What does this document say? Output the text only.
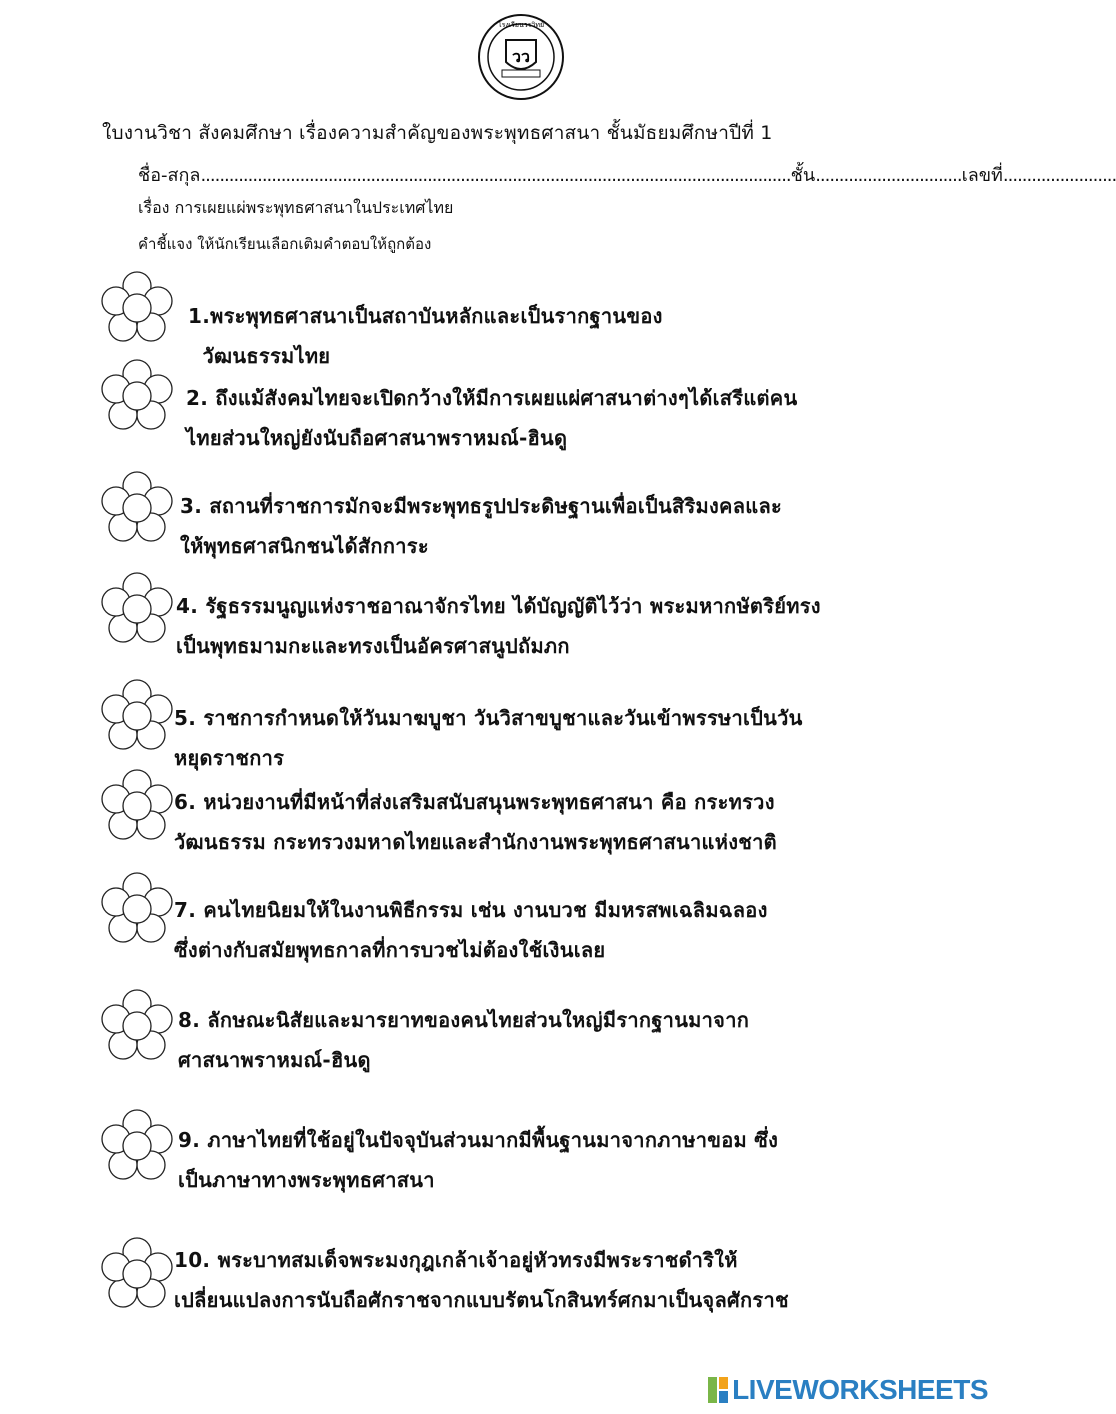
วว
โรงเรียนวรวิทย์
ใบงานวิชา สังคมศึกษา เรื่องความสำคัญของพระพุทธศาสนา ชั้นมัธยมศึกษาปีที่ 1
ชื่อ-สกุล.............................................................................................................................ชั้น...............................เลขที่........................
เรื่อง การเผยแผ่พระพุทธศาสนาในประเทศไทย
คำชี้แจง ให้นักเรียนเลือกเติมคำตอบให้ถูกต้อง
1.พระพุทธศาสนาเป็นสถาบันหลักและเป็นรากฐานของ
วัฒนธรรมไทย
2. ถึงแม้สังคมไทยจะเปิดกว้างให้มีการเผยแผ่ศาสนาต่างๆได้เสรีแต่คน
ไทยส่วนใหญ่ยังนับถือศาสนาพราหมณ์-ฮินดู
3. สถานที่ราชการมักจะมีพระพุทธรูปประดิษฐานเพื่อเป็นสิริมงคลและ
ให้พุทธศาสนิกชนได้สักการะ
4. รัฐธรรมนูญแห่งราชอาณาจักรไทย ได้บัญญัติไว้ว่า พระมหากษัตริย์ทรง
เป็นพุทธมามกะและทรงเป็นอัครศาสนูปถัมภก
5. ราชการกำหนดให้วันมาฆบูชา วันวิสาขบูชาและวันเข้าพรรษาเป็นวัน
หยุดราชการ
6. หน่วยงานที่มีหน้าที่ส่งเสริมสนับสนุนพระพุทธศาสนา คือ กระทรวง
วัฒนธรรม กระทรวงมหาดไทยและสำนักงานพระพุทธศาสนาแห่งชาติ
7. คนไทยนิยมให้ในงานพิธีกรรม เช่น งานบวช มีมหรสพเฉลิมฉลอง
ซึ่งต่างกับสมัยพุทธกาลที่การบวชไม่ต้องใช้เงินเลย
8. ลักษณะนิสัยและมารยาทของคนไทยส่วนใหญ่มีรากฐานมาจาก
ศาสนาพราหมณ์-ฮินดู
9. ภาษาไทยที่ใช้อยู่ในปัจจุบันส่วนมากมีพื้นฐานมาจากภาษาขอม ซึ่ง
เป็นภาษาทางพระพุทธศาสนา
10. พระบาทสมเด็จพระมงกุฎเกล้าเจ้าอยู่หัวทรงมีพระราชดำริให้
เปลี่ยนแปลงการนับถือศักราชจากแบบรัตนโกสินทร์ศกมาเป็นจุลศักราช
LIVEWORKSHEETS
